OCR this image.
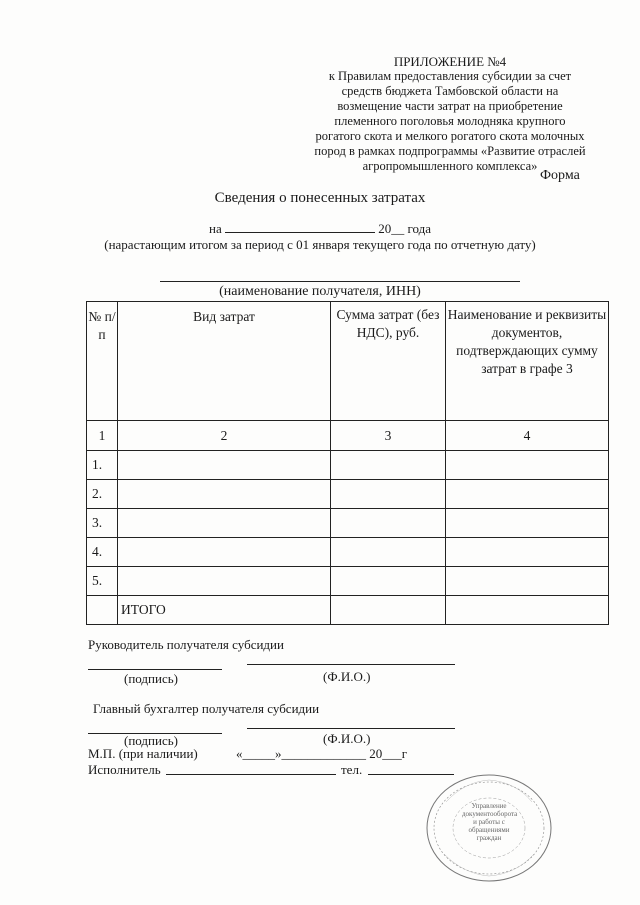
ПРИЛОЖЕНИЕ №4
к Правилам предоставления субсидии за счет
средств бюджета Тамбовской области на
возмещение части затрат на приобретение
племенного поголовья молодняка крупного
рогатого скота и мелкого рогатого скота молочных
пород в рамках подпрограммы «Развитие отраслей
агропромышленного комплекса»
Форма
Сведения о понесенных затратах
на	20__ года
(нарастающим итогом за период с 01 января текущего года по отчетную дату)
(наименование получателя, ИНН)
№ п/п	Вид затрат	Сумма затрат (без НДС), руб.	Наименование и реквизиты документов, подтверждающих сумму затрат в графе 3

1	2	3	4
1.			
2.			
3.			
4.			
5.			
	ИТОГО		
Руководитель получателя субсидии
(подпись)	(Ф.И.О.)
Главный бухгалтер получателя субсидии
(подпись)	(Ф.И.О.)
М.П. (при наличии)	«_____»_____________ 20___г
Исполнитель	тел.
Управление документооборота и работы с обращениями граждан
